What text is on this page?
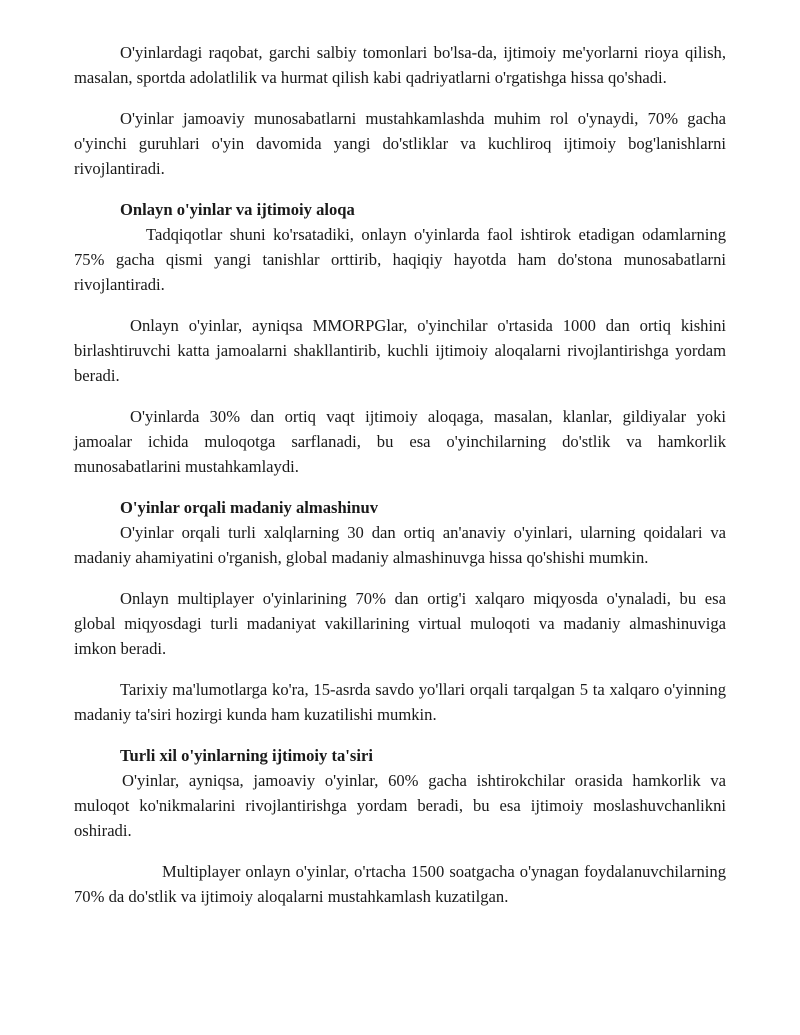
O'yinlardagi raqobat, garchi salbiy tomonlari bo'lsa-da, ijtimoiy me'yorlarni rioya qilish, masalan, sportda adolatlilik va hurmat qilish kabi qadriyatlarni o'rgatishga hissa qo'shadi.

O'yinlar jamoaviy munosabatlarni mustahkamlashda muhim rol o'ynaydi, 70% gacha o'yinchi guruhlari o'yin davomida yangi do'stliklar va kuchliroq ijtimoiy bog'lanishlarni rivojlantiradi.

Onlayn o'yinlar va ijtimoiy aloqa

Tadqiqotlar shuni ko'rsatadiki, onlayn o'yinlarda faol ishtirok etadigan odamlarning 75% gacha qismi yangi tanishlar orttirib, haqiqiy hayotda ham do'stona munosabatlarni rivojlantiradi.

Onlayn o'yinlar, ayniqsa MMORPGlar, o'yinchilar o'rtasida 1000 dan ortiq kishini birlashtiruvchi katta jamoalarni shakllantirib, kuchli ijtimoiy aloqalarni rivojlantirishga yordam beradi.

O'yinlarda 30% dan ortiq vaqt ijtimoiy aloqaga, masalan, klanlar, gildiyalar yoki jamoalar ichida muloqotga sarflanadi, bu esa o'yinchilarning do'stlik va hamkorlik munosabatlarini mustahkamlaydi.

O'yinlar orqali madaniy almashinuv

O'yinlar orqali turli xalqlarning 30 dan ortiq an'anaviy o'yinlari, ularning qoidalari va madaniy ahamiyatini o'rganish, global madaniy almashinuvga hissa qo'shishi mumkin.

Onlayn multiplayer o'yinlarining 70% dan ortig'i xalqaro miqyosda o'ynaladi, bu esa global miqyosdagi turli madaniyat vakillarining virtual muloqoti va madaniy almashinuviga imkon beradi.

Tarixiy ma'lumotlarga ko'ra, 15-asrda savdo yo'llari orqali tarqalgan 5 ta xalqaro o'yinning madaniy ta'siri hozirgi kunda ham kuzatilishi mumkin.

Turli xil o'yinlarning ijtimoiy ta'siri

O'yinlar, ayniqsa, jamoaviy o'yinlar, 60% gacha ishtirokchilar orasida hamkorlik va muloqot ko'nikmalarini rivojlantirishga yordam beradi, bu esa ijtimoiy moslashuvchanlikni oshiradi.

Multiplayer onlayn o'yinlar, o'rtacha 1500 soatgacha o'ynagan foydalanuvchilarning 70% da do'stlik va ijtimoiy aloqalarni mustahkamlash kuzatilgan.
